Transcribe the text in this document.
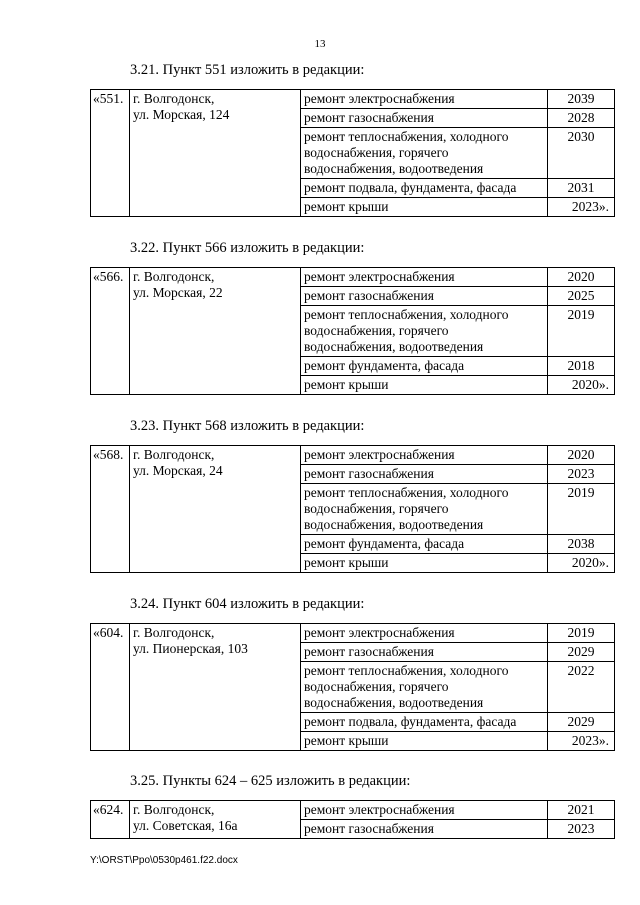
13
3.21. Пункт 551 изложить в редакции:
«551.	г. Волгодонск,
ул. Морская, 124	ремонт электроснабжения	2039

		ремонт газоснабжения	2028

		ремонт теплоснабжения, холодного
водоснабжения, горячего
водоснабжения, водоотведения	2030

		ремонт подвала, фундамента, фасада	2031

		ремонт крыши	2023».
3.22. Пункт 566 изложить в редакции:
«566.	г. Волгодонск,
ул. Морская, 22	ремонт электроснабжения	2020

		ремонт газоснабжения	2025

		ремонт теплоснабжения, холодного
водоснабжения, горячего
водоснабжения, водоотведения	2019

		ремонт фундамента, фасада	2018

		ремонт крыши	2020».
3.23. Пункт 568 изложить в редакции:
«568.	г. Волгодонск,
ул. Морская, 24	ремонт электроснабжения	2020

		ремонт газоснабжения	2023

		ремонт теплоснабжения, холодного
водоснабжения, горячего
водоснабжения, водоотведения	2019

		ремонт фундамента, фасада	2038

		ремонт крыши	2020».
3.24. Пункт 604 изложить в редакции:
«604.	г. Волгодонск,
ул. Пионерская, 103	ремонт электроснабжения	2019

		ремонт газоснабжения	2029

		ремонт теплоснабжения, холодного
водоснабжения, горячего
водоснабжения, водоотведения	2022

		ремонт подвала, фундамента, фасада	2029

		ремонт крыши	2023».
3.25. Пункты 624 – 625 изложить в редакции:
«624.	г. Волгодонск,
ул. Советская, 16а	ремонт электроснабжения	2021

		ремонт газоснабжения	2023
Y:\ORST\Ppo\0530p461.f22.docx
